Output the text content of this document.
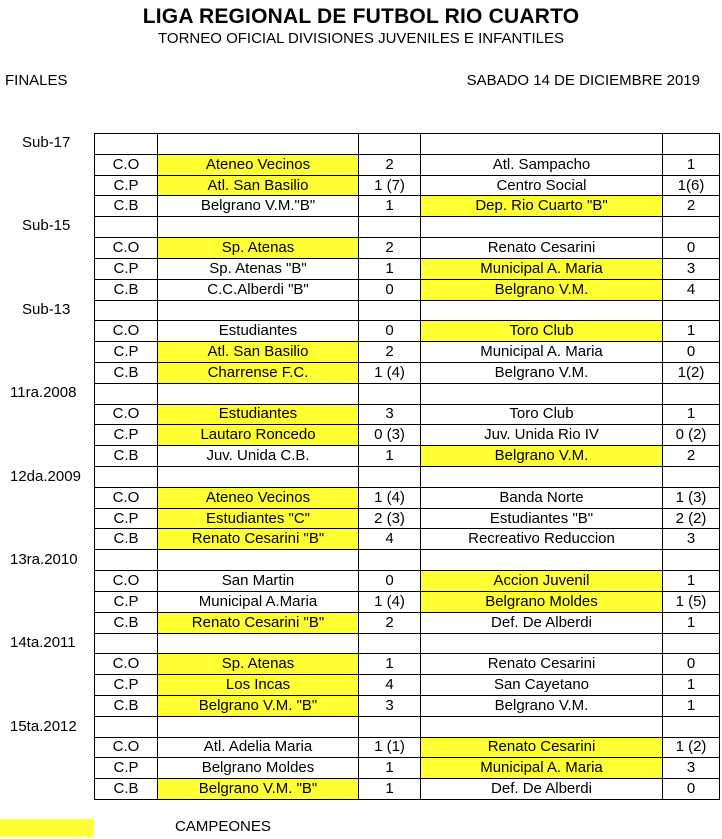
LIGA REGIONAL DE FUTBOL RIO CUARTO
TORNEO OFICIAL DIVISIONES JUVENILES E INFANTILES
FINALES	SABADO 14 DE DICIEMBRE 2019

C.O	Ateneo Vecinos	2	Atl. Sampacho	1
C.P	Atl. San Basilio	1 (7)	Centro Social	1(6)
C.B	Belgrano V.M."B"	1	Dep. Rio Cuarto "B"	2

C.O	Sp. Atenas	2	Renato Cesarini	0
C.P	Sp. Atenas "B"	1	Municipal A. Maria	3
C.B	C.C.Alberdi "B"	0	Belgrano V.M.	4

C.O	Estudiantes	0	Toro Club	1
C.P	Atl. San Basilio	2	Municipal A. Maria	0
C.B	Charrense F.C.	1 (4)	Belgrano V.M.	1(2)

C.O	Estudiantes	3	Toro Club	1
C.P	Lautaro Roncedo	0 (3)	Juv. Unida Rio IV	0 (2)
C.B	Juv. Unida C.B.	1	Belgrano V.M.	2

C.O	Ateneo Vecinos	1 (4)	Banda Norte	1 (3)
C.P	Estudiantes "C"	2 (3)	Estudiantes "B"	2 (2)
C.B	Renato Cesarini "B"	4	Recreativo Reduccion	3

C.O	San Martin	0	Accion Juvenil	1
C.P	Municipal A.Maria	1 (4)	Belgrano Moldes	1 (5)
C.B	Renato Cesarini "B"	2	Def. De Alberdi	1

C.O	Sp. Atenas	1	Renato Cesarini	0
C.P	Los Incas	4	San Cayetano	1
C.B	Belgrano V.M. "B"	3	Belgrano V.M.	1

C.O	Atl. Adelia Maria	1 (1)	Renato Cesarini	1 (2)
C.P	Belgrano Moldes	1	Municipal A. Maria	3
C.B	Belgrano V.M. "B"	1	Def. De Alberdi	0
Sub-17
Sub-15
Sub-13
11ra.2008
12da.2009
13ra.2010
14ta.2011
15ta.2012
CAMPEONES
